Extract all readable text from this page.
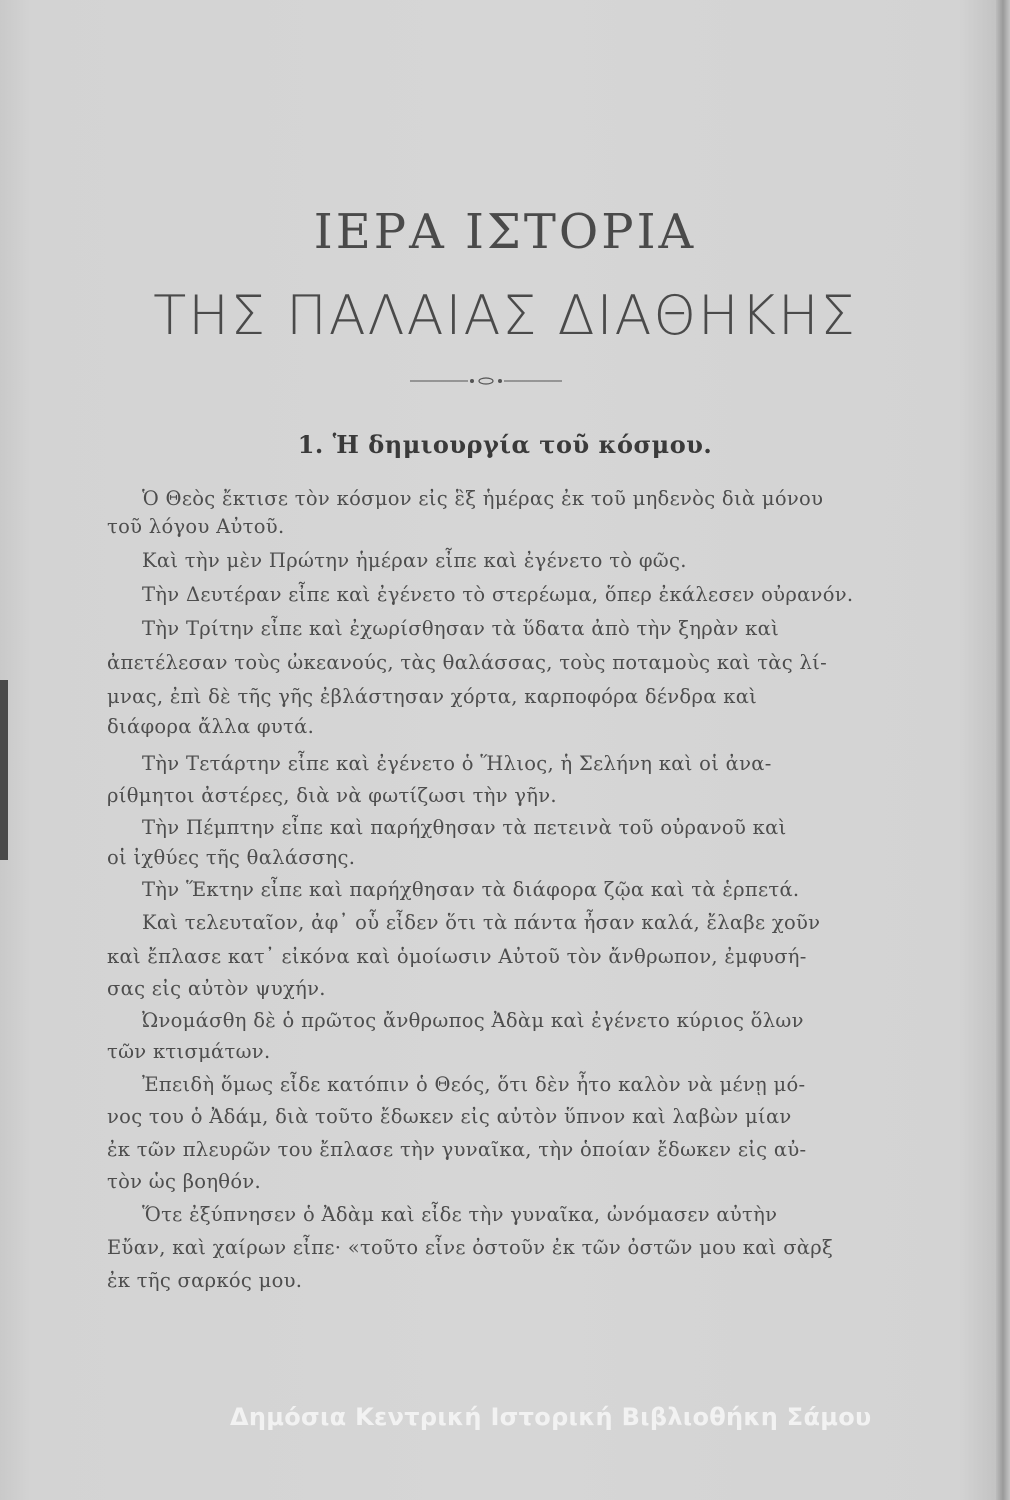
ΙΕΡΑ ΙΣΤΟΡΙΑ
ΤΗΣ ΠΑΛΑΙΑΣ ΔΙΑΘΗΚΗΣ
1. Ἡ δημιουργία τοῦ κόσμου.
Ὁ Θεὸς ἔκτισε τὸν κόσμον εἰς ἓξ ἡμέρας ἐκ τοῦ μηδενὸς διὰ μόνου
τοῦ λόγου Αὐτοῦ.
Καὶ τὴν μὲν Πρώτην ἡμέραν εἶπε καὶ ἐγένετο τὸ φῶς.
Τὴν Δευτέραν εἶπε καὶ ἐγένετο τὸ στερέωμα, ὅπερ ἐκάλεσεν οὐρανόν.
Τὴν Τρίτην εἶπε καὶ ἐχωρίσθησαν τὰ ὕδατα ἀπὸ τὴν ξηρὰν καὶ
ἀπετέλεσαν τοὺς ὠκεανούς, τὰς θαλάσσας, τοὺς ποταμοὺς καὶ τὰς λί-
μνας, ἐπὶ δὲ τῆς γῆς ἐβλάστησαν χόρτα, καρποφόρα δένδρα καὶ
διάφορα ἄλλα φυτά.
Τὴν Τετάρτην εἶπε καὶ ἐγένετο ὁ Ἥλιος, ἡ Σελήνη καὶ οἱ ἀνα-
ρίθμητοι ἀστέρες, διὰ νὰ φωτίζωσι τὴν γῆν.
Τὴν Πέμπτην εἶπε καὶ παρήχθησαν τὰ πετεινὰ τοῦ οὐρανοῦ καὶ
οἱ ἰχθύες τῆς θαλάσσης.
Τὴν Ἕκτην εἶπε καὶ παρήχθησαν τὰ διάφορα ζῷα καὶ τὰ ἑρπετά.
Καὶ τελευταῖον, ἀφ᾽ οὗ εἶδεν ὅτι τὰ πάντα ἦσαν καλά, ἔλαβε χοῦν
καὶ ἔπλασε κατ᾽ εἰκόνα καὶ ὁμοίωσιν Αὐτοῦ τὸν ἄνθρωπον, ἐμφυσή-
σας εἰς αὐτὸν ψυχήν.
Ὠνομάσθη δὲ ὁ πρῶτος ἄνθρωπος Ἀδὰμ καὶ ἐγένετο κύριος ὅλων
τῶν κτισμάτων.
Ἐπειδὴ ὅμως εἶδε κατόπιν ὁ Θεός, ὅτι δὲν ἦτο καλὸν νὰ μένῃ μό-
νος του ὁ Ἀδάμ, διὰ τοῦτο ἔδωκεν εἰς αὐτὸν ὕπνον καὶ λαβὼν μίαν
ἐκ τῶν πλευρῶν του ἔπλασε τὴν γυναῖκα, τὴν ὁποίαν ἔδωκεν εἰς αὐ-
τὸν ὡς βοηθόν.
Ὅτε ἐξύπνησεν ὁ Ἀδὰμ καὶ εἶδε τὴν γυναῖκα, ὠνόμασεν αὐτὴν
Εὔαν, καὶ χαίρων εἶπε· «τοῦτο εἶνε ὀστοῦν ἐκ τῶν ὀστῶν μου καὶ σὰρξ
ἐκ τῆς σαρκός μου.
Δημόσια Κεντρική Ιστορική Βιβλιοθήκη Σάμου
